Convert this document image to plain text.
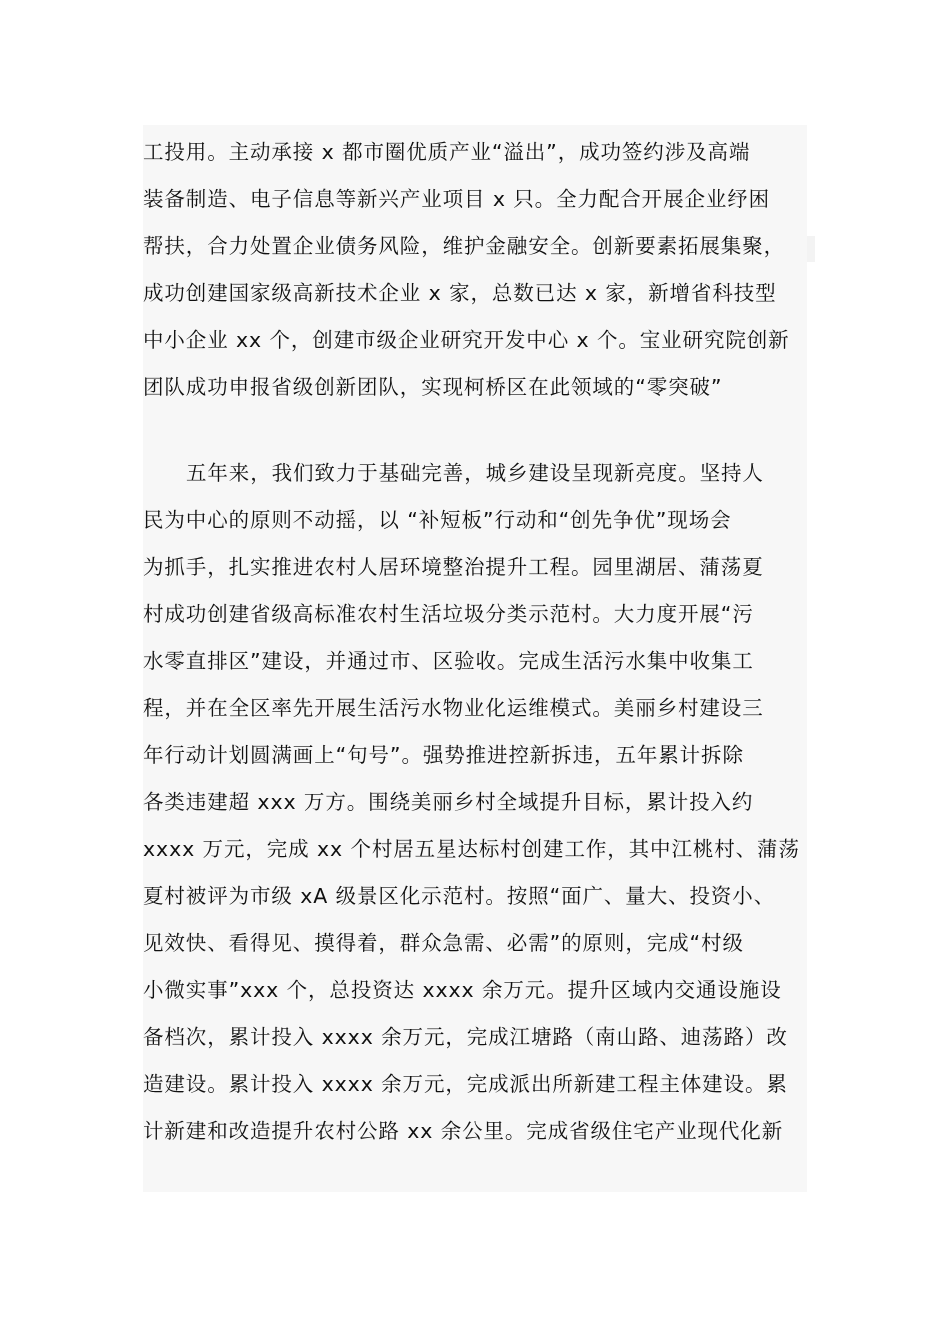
工投用。主动承接 x 都市圈优质产业“溢出”，成功签约涉及高端
装备制造、电子信息等新兴产业项目 x 只。全力配合开展企业纾困
帮扶，合力处置企业债务风险，维护金融安全。创新要素拓展集聚，
成功创建国家级高新技术企业 x 家，总数已达 x 家，新增省科技型
中小企业 xx 个，创建市级企业研究开发中心 x 个。宝业研究院创新
团队成功申报省级创新团队，实现柯桥区在此领域的“零突破”
五年来，我们致力于基础完善，城乡建设呈现新亮度。坚持人
民为中心的原则不动摇，以 “补短板”行动和“创先争优”现场会
为抓手，扎实推进农村人居环境整治提升工程。园里湖居、蒲荡夏
村成功创建省级高标准农村生活垃圾分类示范村。大力度开展“污
水零直排区”建设，并通过市、区验收。完成生活污水集中收集工
程，并在全区率先开展生活污水物业化运维模式。美丽乡村建设三
年行动计划圆满画上“句号”。强势推进控新拆违，五年累计拆除
各类违建超 xxx 万方。围绕美丽乡村全域提升目标，累计投入约
xxxx 万元，完成 xx 个村居五星达标村创建工作，其中江桃村、蒲荡
夏村被评为市级 xA 级景区化示范村。按照“面广、量大、投资小、
见效快、看得见、摸得着，群众急需、必需”的原则，完成“村级
小微实事”xxx 个，总投资达 xxxx 余万元。提升区域内交通设施设
备档次，累计投入 xxxx 余万元，完成江塘路（南山路、迪荡路）改
造建设。累计投入 xxxx 余万元，完成派出所新建工程主体建设。累
计新建和改造提升农村公路 xx 余公里。完成省级住宅产业现代化新
